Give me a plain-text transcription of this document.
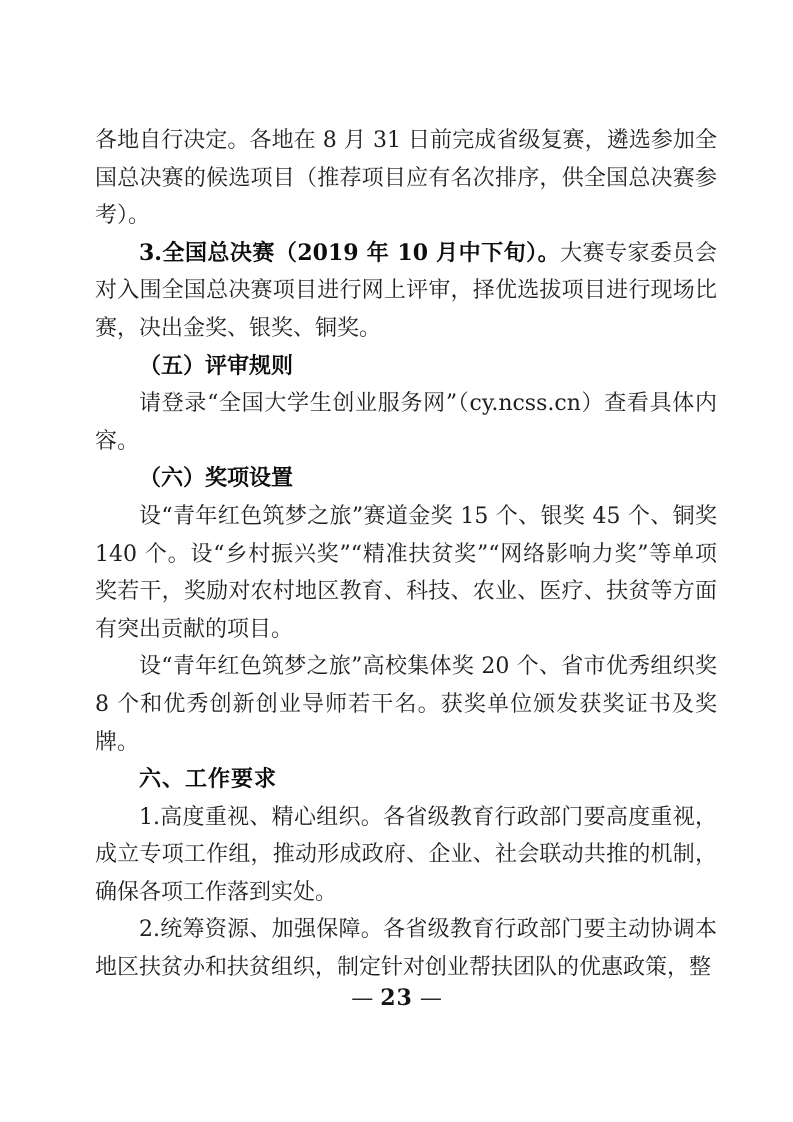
各地自行决定。各地在 8 月 31 日前完成省级复赛，遴选参加全国总决赛的候选项目（推荐项目应有名次排序，供全国总决赛参考）。

3.全国总决赛（2019 年 10 月中下旬）。大赛专家委员会对入围全国总决赛项目进行网上评审，择优选拔项目进行现场比赛，决出金奖、银奖、铜奖。

（五）评审规则

请登录“全国大学生创业服务网”（cy.ncss.cn）查看具体内容。

（六）奖项设置

设“青年红色筑梦之旅”赛道金奖 15 个、银奖 45 个、铜奖 140 个。设“乡村振兴奖”“精准扶贫奖”“网络影响力奖”等单项奖若干，奖励对农村地区教育、科技、农业、医疗、扶贫等方面有突出贡献的项目。

设“青年红色筑梦之旅”高校集体奖 20 个、省市优秀组织奖 8 个和优秀创新创业导师若干名。获奖单位颁发获奖证书及奖牌。

六、工作要求

1.高度重视、精心组织。各省级教育行政部门要高度重视，成立专项工作组，推动形成政府、企业、社会联动共推的机制，确保各项工作落到实处。

2.统筹资源、加强保障。各省级教育行政部门要主动协调本地区扶贫办和扶贫组织，制定针对创业帮扶团队的优惠政策，整

— 23 —
